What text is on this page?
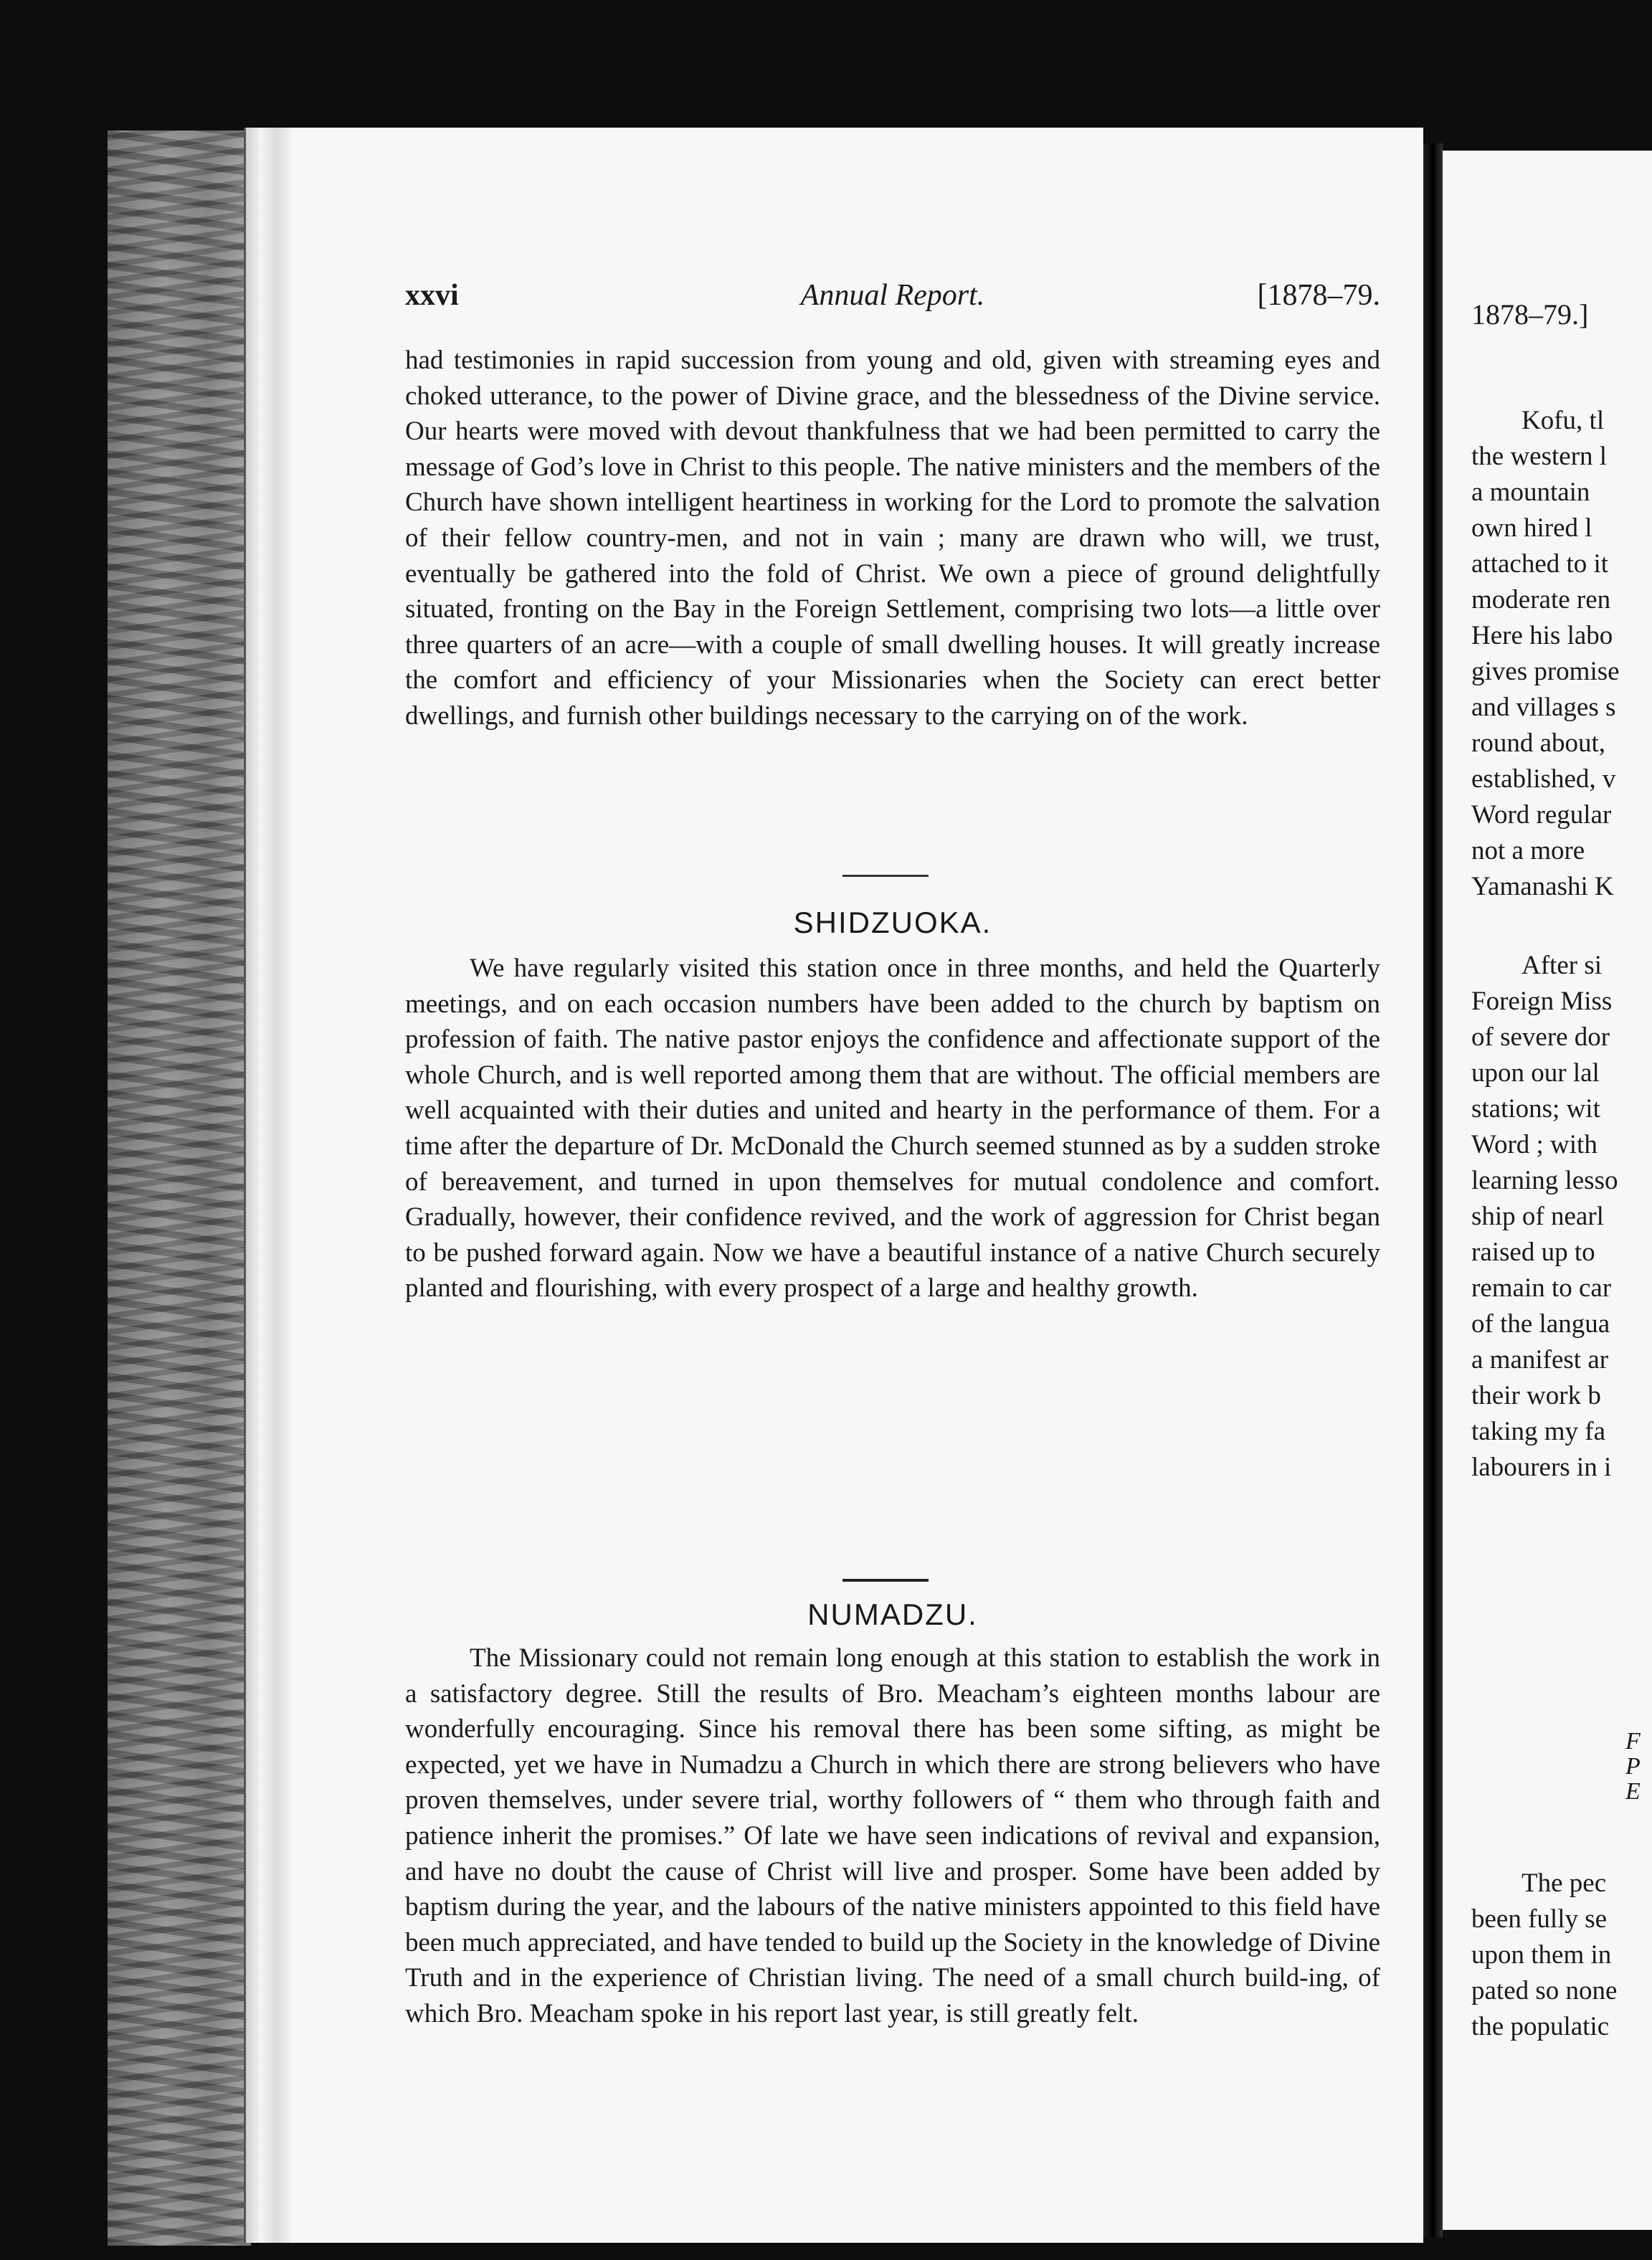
xxvi	Annual Report.	[1878–79.

had testimonies in rapid succession from young and old, given with streaming eyes and choked utterance, to the power of Divine grace, and the blessedness of the Divine service. Our hearts were moved with devout thankfulness that we had been permitted to carry the message of God’s love in Christ to this people. The native ministers and the members of the Church have shown intelligent heartiness in working for the Lord to promote the salvation of their fellow country-men, and not in vain ; many are drawn who will, we trust, eventually be gathered into the fold of Christ. We own a piece of ground delightfully situated, fronting on the Bay in the Foreign Settlement, comprising two lots—a little over three quarters of an acre—with a couple of small dwelling houses. It will greatly increase the comfort and efficiency of your Missionaries when the Society can erect better dwellings, and furnish other buildings necessary to the carrying on of the work.

SHIDZUOKA.

We have regularly visited this station once in three months, and held the Quarterly meetings, and on each occasion numbers have been added to the church by baptism on profession of faith. The native pastor enjoys the confidence and affectionate support of the whole Church, and is well reported among them that are without. The official members are well acquainted with their duties and united and hearty in the performance of them. For a time after the departure of Dr. McDonald the Church seemed stunned as by a sudden stroke of bereavement, and turned in upon themselves for mutual condolence and comfort. Gradually, however, their confidence revived, and the work of aggression for Christ began to be pushed forward again. Now we have a beautiful instance of a native Church securely planted and flourishing, with every prospect of a large and healthy growth.

NUMADZU.

The Missionary could not remain long enough at this station to establish the work in a satisfactory degree. Still the results of Bro. Meacham’s eighteen months labour are wonderfully encouraging. Since his removal there has been some sifting, as might be expected, yet we have in Numadzu a Church in which there are strong believers who have proven themselves, under severe trial, worthy followers of “ them who through faith and patience inherit the promises.” Of late we have seen indications of revival and expansion, and have no doubt the cause of Christ will live and prosper. Some have been added by baptism during the year, and the labours of the native ministers appointed to this field have been much appreciated, and have tended to build up the Society in the knowledge of Divine Truth and in the experience of Christian living. The need of a small church build-ing, of which Bro. Meacham spoke in his report last year, is still greatly felt.

1878–79.]
Kofu, tl
the western l
a mountain
own hired l
attached to it
moderate ren
Here his labo
gives promise
and villages s
round about,
established, v
Word regular
not a more
Yamanashi K
After si
Foreign Miss
of severe dor
upon our lal
stations; wit
Word ; with
learning lesso
ship of nearl
raised up to
remain to car
of the langua
a manifest ar
their work b
taking my fa
labourers in i
F
P
E
The pec
been fully se
upon them in
pated so none
the populatic
